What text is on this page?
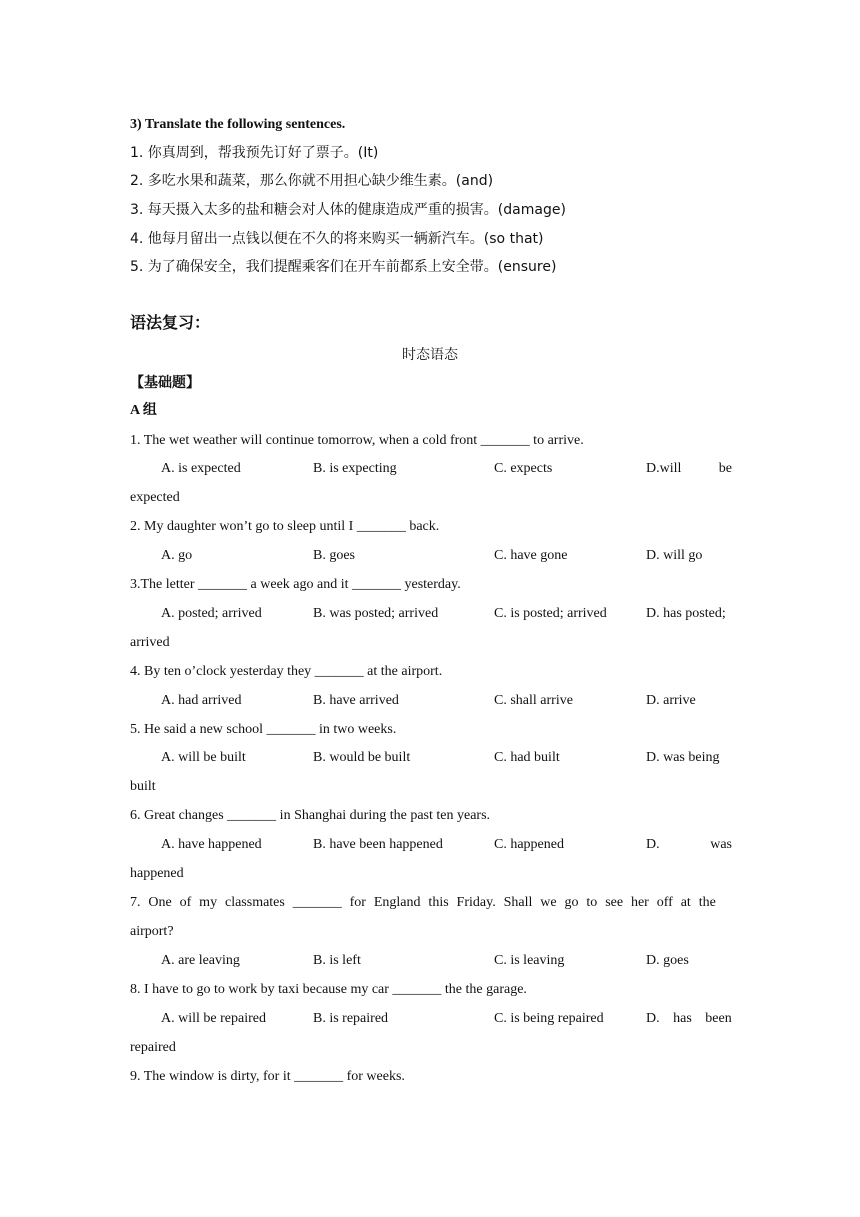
3) Translate the following sentences.
1. 你真周到，帮我预先订好了票子。(It)
2. 多吃水果和蔬菜，那么你就不用担心缺少维生素。(and)
3. 每天摄入太多的盐和糖会对人体的健康造成严重的损害。(damage)
4. 他每月留出一点钱以便在不久的将来购买一辆新汽车。(so that)
5. 为了确保安全，我们提醒乘客们在开车前都系上安全带。(ensure)
语法复习：
时态语态
【基础题】
A 组
1. The wet weather will continue tomorrow, when a cold front _______ to arrive.
A. is expected	B. is expecting	C. expects	D.will	be
expected
2. My daughter won’t go to sleep until I _______ back.
A. go	B. goes	C. have gone	D. will go
3.The letter _______ a week ago and it _______ yesterday.
A. posted; arrived	B. was posted; arrived	C. is posted; arrived	D. has posted;
arrived
4. By ten o’clock yesterday they _______ at the airport.
A. had arrived	B. have arrived	C. shall arrive	D. arrive
5. He said a new school _______ in two weeks.
A. will be built	B. would be built	C. had built	D. was being
built
6. Great changes _______ in Shanghai during the past ten years.
A. have happened	B. have been happened	C. happened	D.	was
happened
7. One of my classmates _______ for England this Friday. Shall we go to see her off at the
airport?
A. are leaving	B. is left	C. is leaving	D. goes
8. I have to go to work by taxi because my car _______ the the garage.
A. will be repaired	B. is repaired	C. is being repaired	D. has been
repaired
9. The window is dirty, for it _______ for weeks.
